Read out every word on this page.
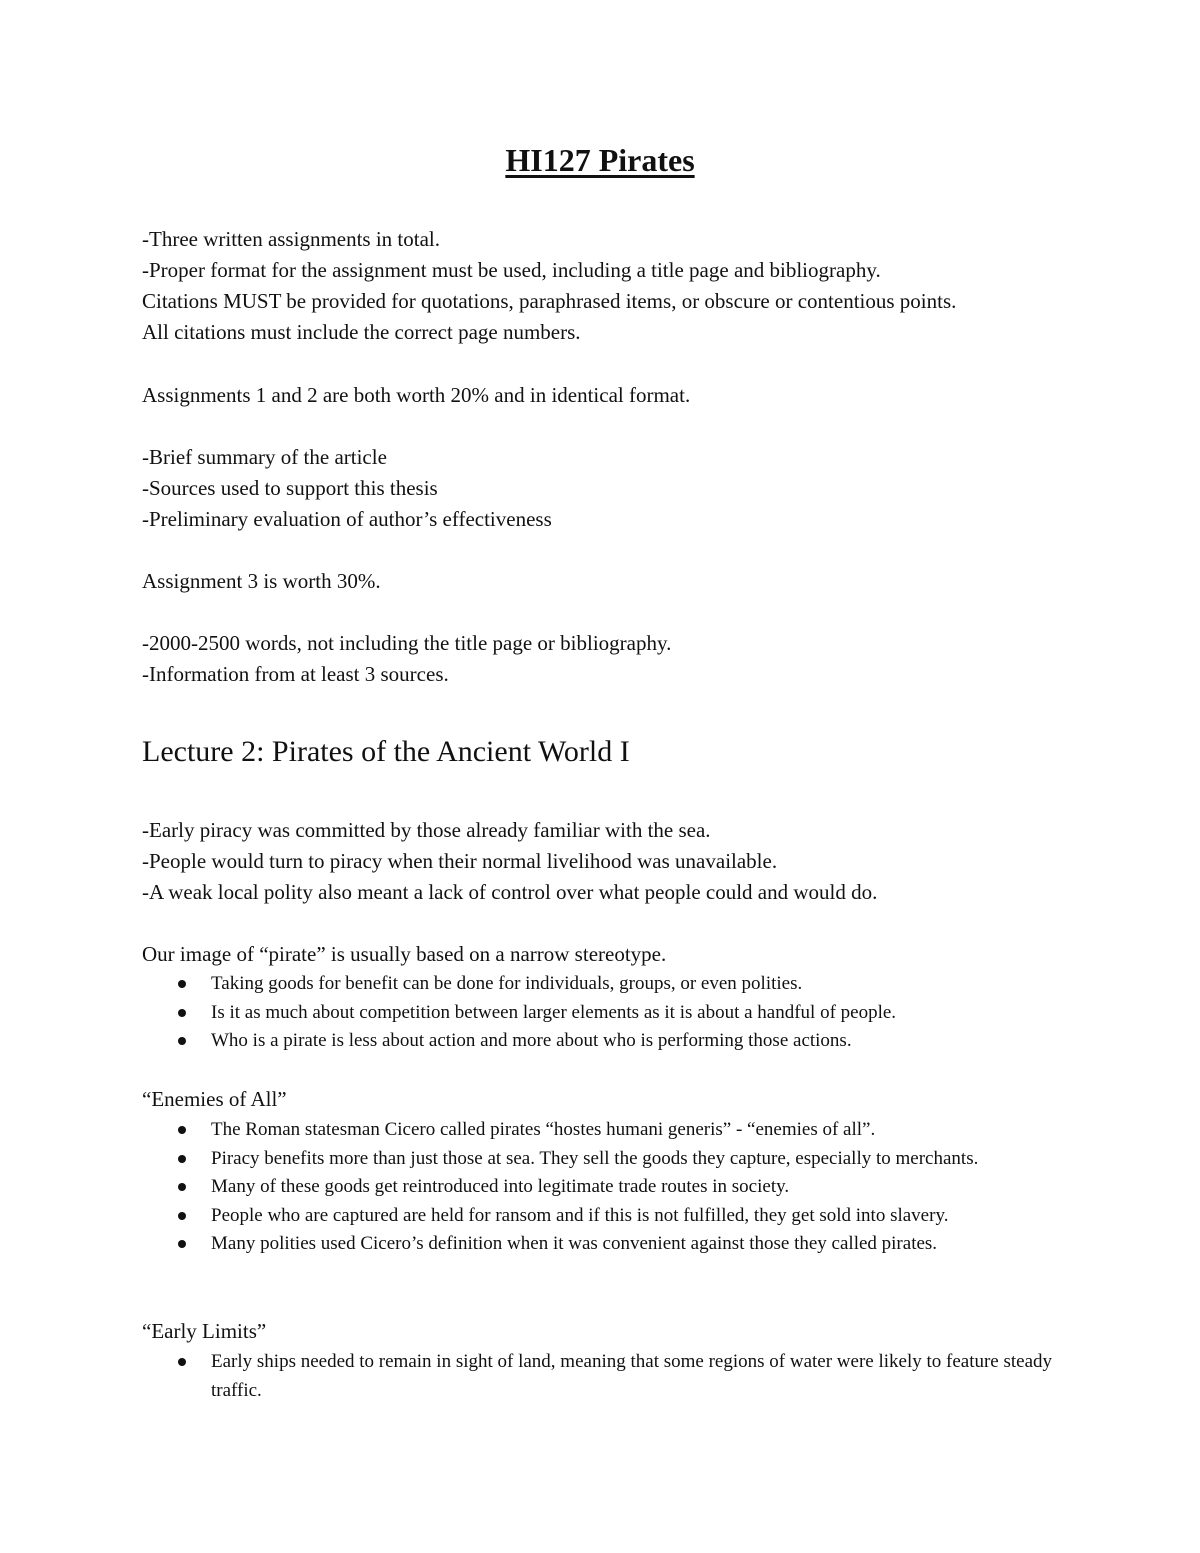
HI127 Pirates
-Three written assignments in total.
-Proper format for the assignment must be used, including a title page and bibliography.
Citations MUST be provided for quotations, paraphrased items, or obscure or contentious points.
All citations must include the correct page numbers.
Assignments 1 and 2 are both worth 20% and in identical format.
-Brief summary of the article
-Sources used to support this thesis
-Preliminary evaluation of author’s effectiveness
Assignment 3 is worth 30%.
-2000-2500 words, not including the title page or bibliography.
-Information from at least 3 sources.
Lecture 2: Pirates of the Ancient World I
-Early piracy was committed by those already familiar with the sea.
-People would turn to piracy when their normal livelihood was unavailable.
-A weak local polity also meant a lack of control over what people could and would do.
Our image of “pirate” is usually based on a narrow stereotype.
Taking goods for benefit can be done for individuals, groups, or even polities.
Is it as much about competition between larger elements as it is about a handful of people.
Who is a pirate is less about action and more about who is performing those actions.
“Enemies of All”
The Roman statesman Cicero called pirates “hostes humani generis” - “enemies of all”.
Piracy benefits more than just those at sea. They sell the goods they capture, especially to merchants.
Many of these goods get reintroduced into legitimate trade routes in society.
People who are captured are held for ransom and if this is not fulfilled, they get sold into slavery.
Many polities used Cicero’s definition when it was convenient against those they called pirates.
“Early Limits”
Early ships needed to remain in sight of land, meaning that some regions of water were likely to feature steady traffic.
